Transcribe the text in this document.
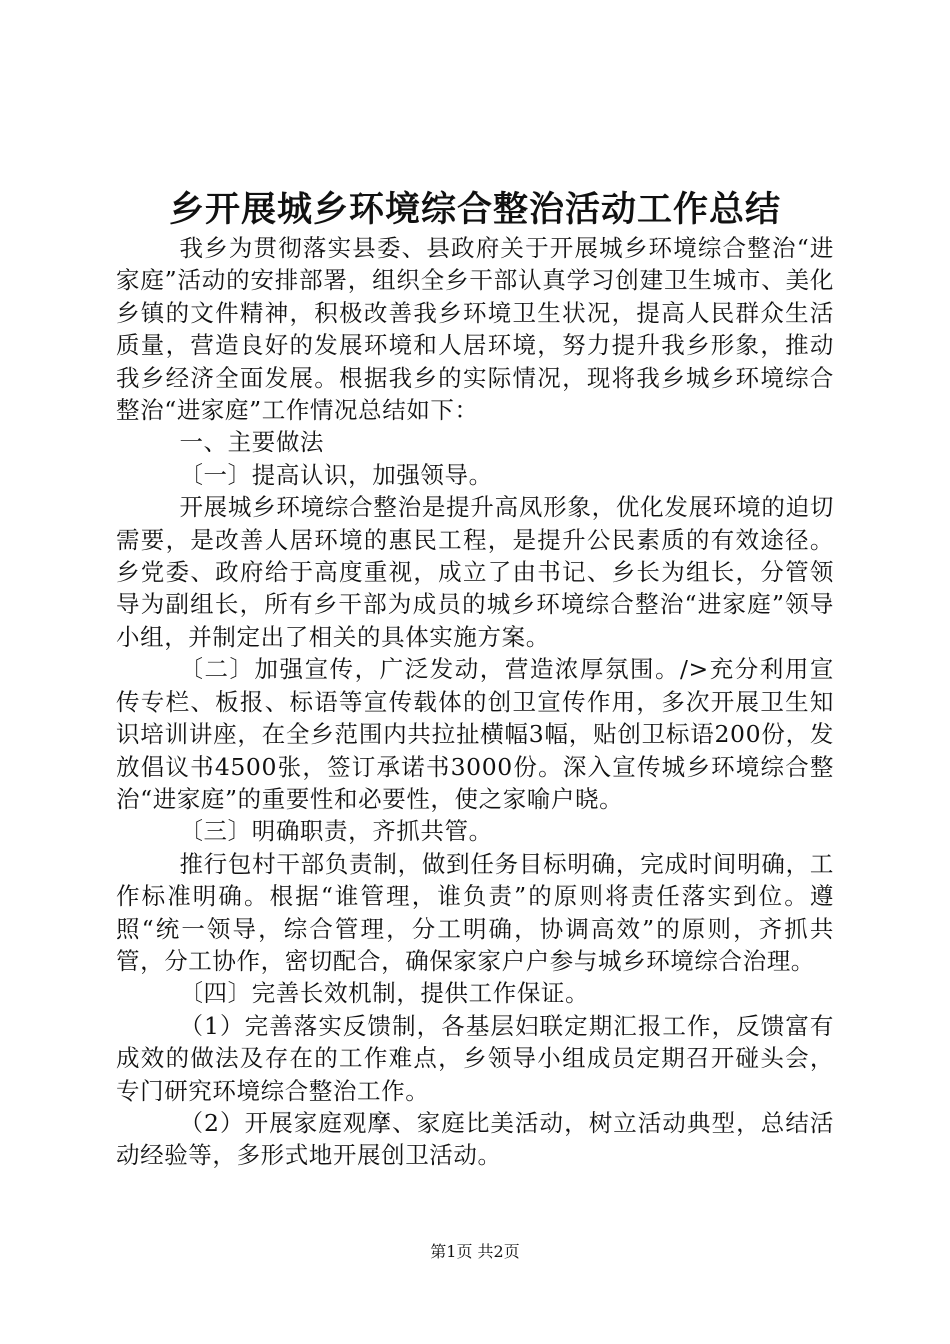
乡开展城乡环境综合整治活动工作总结

我乡为贯彻落实县委、县政府关于开展城乡环境综合整治“进家庭”活动的安排部署，组织全乡干部认真学习创建卫生城市、美化乡镇的文件精神，积极改善我乡环境卫生状况，提高人民群众生活质量，营造良好的发展环境和人居环境，努力提升我乡形象，推动我乡经济全面发展。根据我乡的实际情况，现将我乡城乡环境综合整治“进家庭”工作情况总结如下：

一、主要做法

〔一〕提高认识，加强领导。

开展城乡环境综合整治是提升高凤形象，优化发展环境的迫切需要，是改善人居环境的惠民工程，是提升公民素质的有效途径。乡党委、政府给于高度重视，成立了由书记、乡长为组长，分管领导为副组长，所有乡干部为成员的城乡环境综合整治“进家庭”领导小组，并制定出了相关的具体实施方案。

〔二〕加强宣传，广泛发动，营造浓厚氛围。/>充分利用宣传专栏、板报、标语等宣传载体的创卫宣传作用，多次开展卫生知识培训讲座，在全乡范围内共拉扯横幅3幅，贴创卫标语200份，发放倡议书4500张，签订承诺书3000份。深入宣传城乡环境综合整治“进家庭”的重要性和必要性，使之家喻户晓。

〔三〕明确职责，齐抓共管。

推行包村干部负责制，做到任务目标明确，完成时间明确，工作标准明确。根据“谁管理，谁负责”的原则将责任落实到位。遵照“统一领导，综合管理，分工明确，协调高效”的原则，齐抓共管，分工协作，密切配合，确保家家户户参与城乡环境综合治理。

〔四〕完善长效机制，提供工作保证。

（1）完善落实反馈制，各基层妇联定期汇报工作，反馈富有成效的做法及存在的工作难点，乡领导小组成员定期召开碰头会，专门研究环境综合整治工作。

（2）开展家庭观摩、家庭比美活动，树立活动典型，总结活动经验等，多形式地开展创卫活动。

第1页 共2页
